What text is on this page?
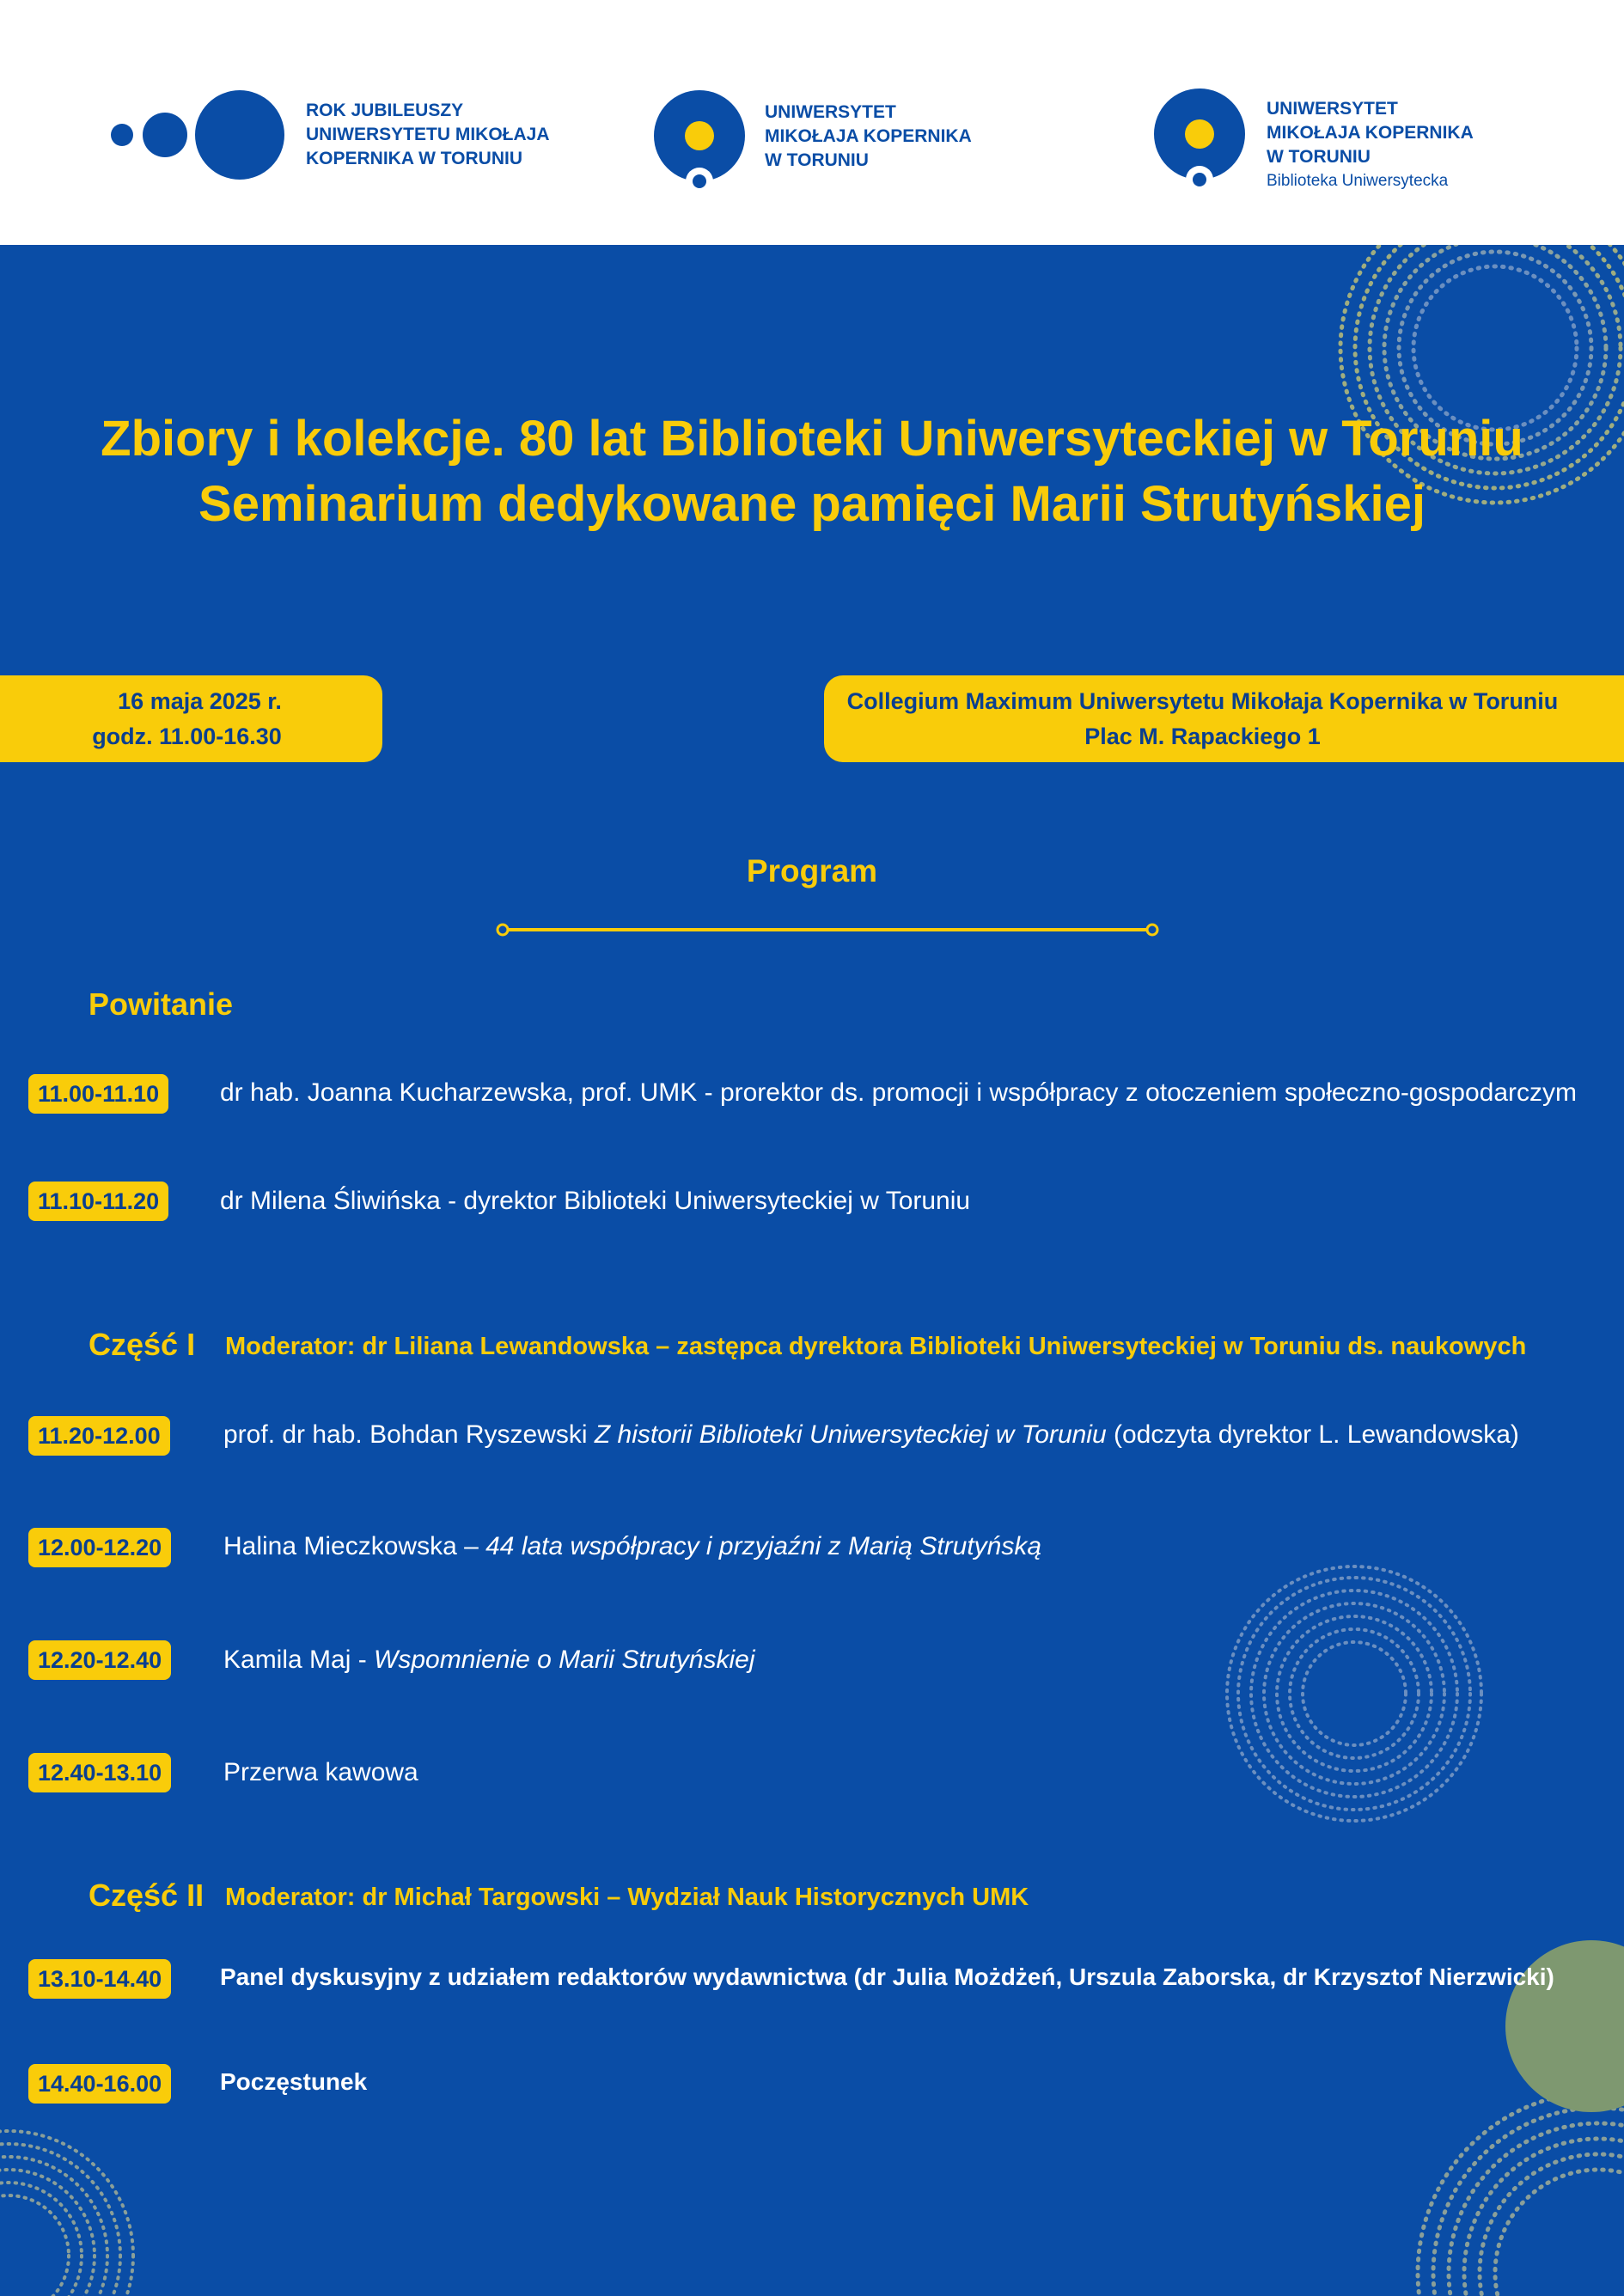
ROK JUBILEUSZY
UNIWERSYTETU MIKOŁAJA
KOPERNIKA W TORUNIU
UNIWERSYTET
MIKOŁAJA KOPERNIKA
W TORUNIU
UNIWERSYTET
MIKOŁAJA KOPERNIKA
W TORUNIU
Biblioteka Uniwersytecka
Zbiory i kolekcje. 80 lat Biblioteki Uniwersyteckiej w Toruniu
Seminarium dedykowane pamięci Marii Strutyńskiej
16 maja 2025 r.
godz. 11.00-16.30
Collegium Maximum Uniwersytetu Mikołaja Kopernika w Toruniu
Plac M. Rapackiego 1
Program
Powitanie
11.00-11.10	dr hab. Joanna Kucharzewska, prof. UMK - prorektor ds. promocji i współpracy z otoczeniem społeczno-gospodarczym
11.10-11.20	dr Milena Śliwińska - dyrektor Biblioteki Uniwersyteckiej w Toruniu
Część I Moderator: dr Liliana Lewandowska – zastępca dyrektora Biblioteki Uniwersyteckiej w Toruniu ds. naukowych
11.20-12.00	prof. dr hab. Bohdan Ryszewski Z historii Biblioteki Uniwersyteckiej w Toruniu (odczyta dyrektor L. Lewandowska)
12.00-12.20	Halina Mieczkowska – 44 lata współpracy i przyjaźni z Marią Strutyńską
12.20-12.40	Kamila Maj - Wspomnienie o Marii Strutyńskiej
12.40-13.10	Przerwa kawowa
Część II Moderator: dr Michał Targowski – Wydział Nauk Historycznych UMK
13.10-14.40	Panel dyskusyjny z udziałem redaktorów wydawnictwa (dr Julia Możdżeń, Urszula Zaborska, dr Krzysztof Nierzwicki)
14.40-16.00	Poczęstunek
